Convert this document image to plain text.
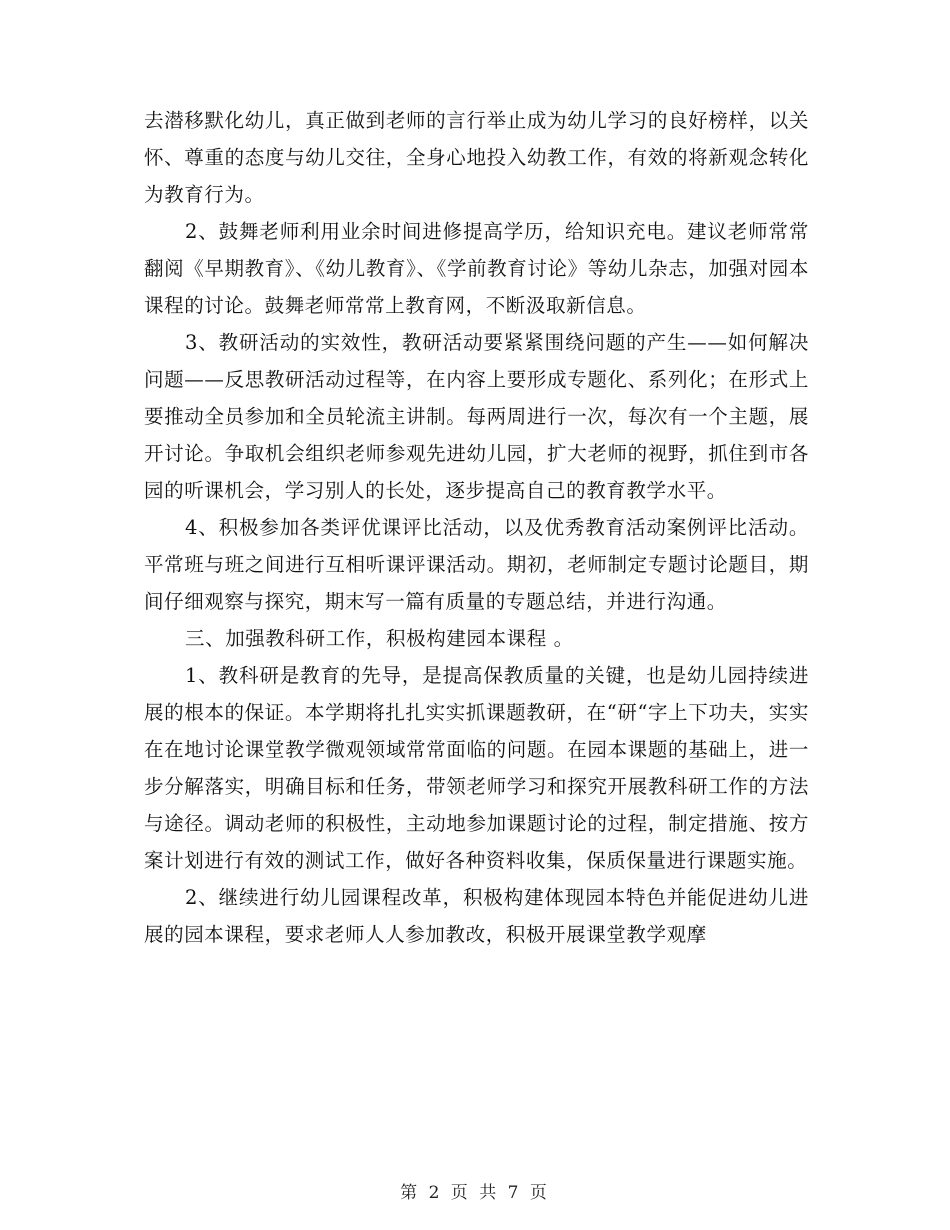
去潜移默化幼儿，真正做到老师的言行举止成为幼儿学习的良好榜样，以关怀、尊重的态度与幼儿交往，全身心地投入幼教工作，有效的将新观念转化为教育行为。

2、鼓舞老师利用业余时间进修提高学历，给知识充电。建议老师常常翻阅《早期教育》、《幼儿教育》、《学前教育讨论》等幼儿杂志，加强对园本课程的讨论。鼓舞老师常常上教育网，不断汲取新信息。

3、教研活动的实效性，教研活动要紧紧围绕问题的产生——如何解决问题——反思教研活动过程等，在内容上要形成专题化、系列化；在形式上要推动全员参加和全员轮流主讲制。每两周进行一次，每次有一个主题，展开讨论。争取机会组织老师参观先进幼儿园，扩大老师的视野，抓住到市各园的听课机会，学习别人的长处，逐步提高自己的教育教学水平。

4、积极参加各类评优课评比活动，以及优秀教育活动案例评比活动。平常班与班之间进行互相听课评课活动。期初，老师制定专题讨论题目，期间仔细观察与探究，期末写一篇有质量的专题总结，并进行沟通。

三、加强教科研工作，积极构建园本课程 。

1、教科研是教育的先导，是提高保教质量的关键，也是幼儿园持续进展的根本的保证。本学期将扎扎实实抓课题教研，在“研“字上下功夫，实实在在地讨论课堂教学微观领域常常面临的问题。在园本课题的基础上，进一步分解落实，明确目标和任务，带领老师学习和探究开展教科研工作的方法与途径。调动老师的积极性，主动地参加课题讨论的过程，制定措施、按方案计划进行有效的测试工作，做好各种资料收集，保质保量进行课题实施。

2、继续进行幼儿园课程改革，积极构建体现园本特色并能促进幼儿进展的园本课程，要求老师人人参加教改，积极开展课堂教学观摩

第 2 页 共 7 页
